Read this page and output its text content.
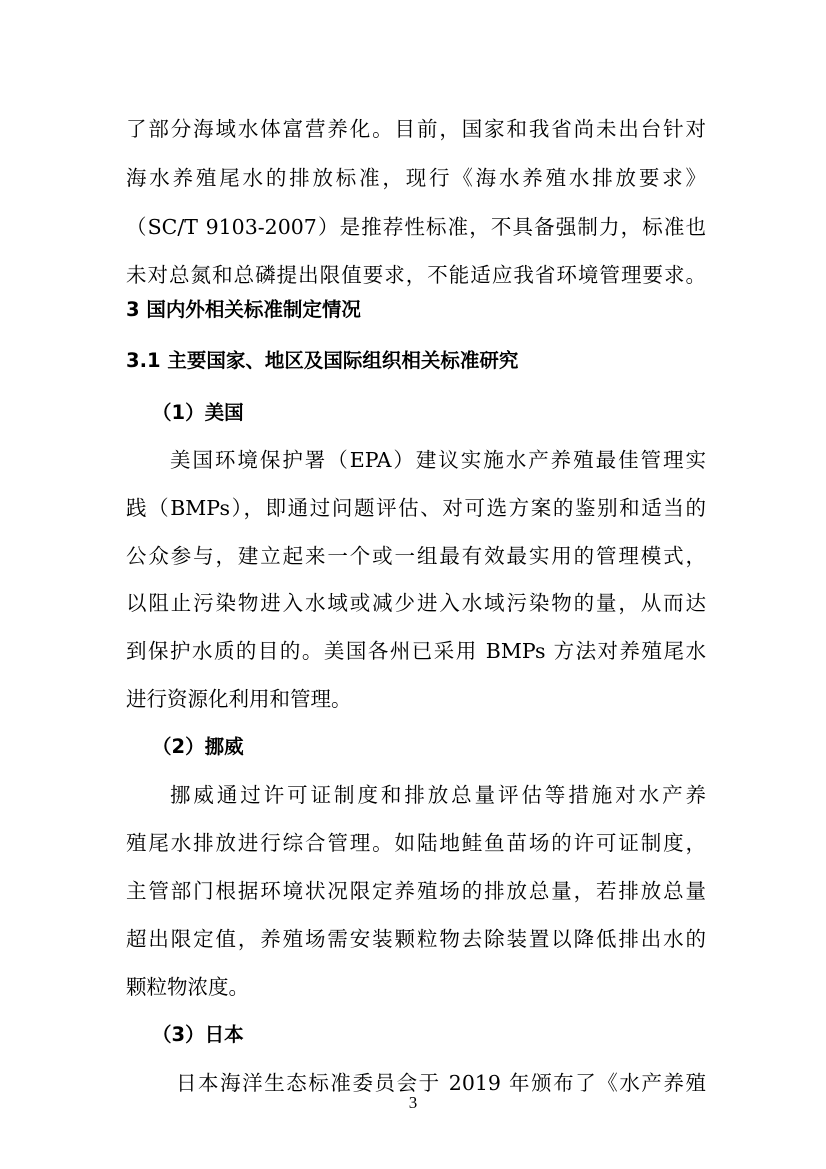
了部分海域水体富营养化。目前，国家和我省尚未出台针对
海水养殖尾水的排放标准，现行《海水养殖水排放要求》
（SC/T 9103-2007）是推荐性标准，不具备强制力，标准也
未对总氮和总磷提出限值要求，不能适应我省环境管理要求。
3 国内外相关标准制定情况
3.1 主要国家、地区及国际组织相关标准研究
（1）美国
美国环境保护署（EPA）建议实施水产养殖最佳管理实
践（BMPs），即通过问题评估、对可选方案的鉴别和适当的
公众参与，建立起来一个或一组最有效最实用的管理模式，
以阻止污染物进入水域或减少进入水域污染物的量，从而达
到保护水质的目的。美国各州已采用 BMPs 方法对养殖尾水
进行资源化利用和管理。
（2）挪威
挪威通过许可证制度和排放总量评估等措施对水产养
殖尾水排放进行综合管理。如陆地鲑鱼苗场的许可证制度，
主管部门根据环境状况限定养殖场的排放总量，若排放总量
超出限定值，养殖场需安装颗粒物去除装置以降低排出水的
颗粒物浓度。
（3）日本
日本海洋生态标准委员会于 2019 年颁布了《水产养殖
3
